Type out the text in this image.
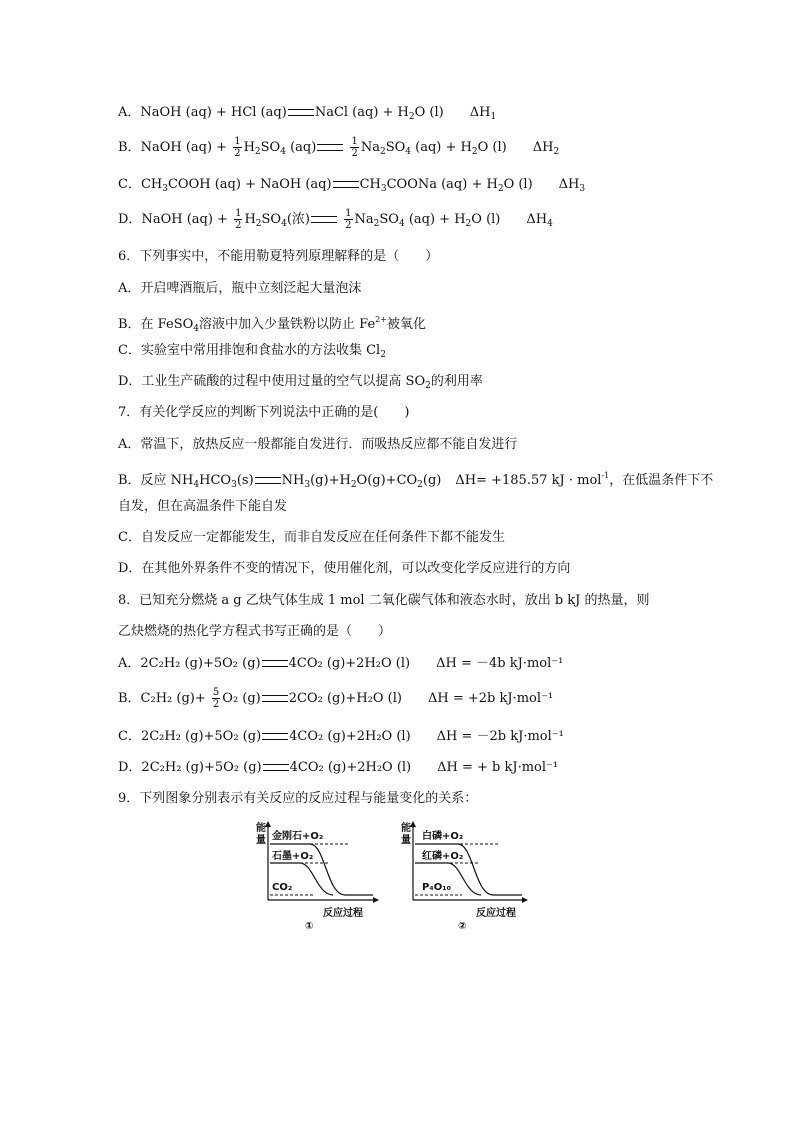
A．NaOH (aq) + HCl (aq) NaCl $(aq) + H_2O$ (l) $\Delta H_1$
B．NaOH $(aq) + \frac{1}{2} H_2SO_4$ (aq)	$\frac{1}{2} Na_2SO_4$ $(aq) + H_2O$ (l) $\Delta H_2$
C．$CH_3COOH$ (aq) + NaOH (aq) $CH_3COONa$ $(aq) + H_2O$ (l) $\Delta H_3$
D．NaOH $(aq) + \frac{1}{2} H_2SO_4$(浓)	$\frac{1}{2} Na_2SO_4$ $(aq) + H_2O$ (l) $\Delta H_4$
6．下列事实中，不能用勒夏特列原理解释的是（　　）
A．开启啤酒瓶后，瓶中立刻泛起大量泡沫
B．在 FeSO$_4$溶液中加入少量铁粉以防止 $Fe^{2+}$被氧化
C．实验室中常用排饱和食盐水的方法收集 $Cl_2$
D．工业生产硫酸的过程中使用过量的空气以提高 $SO_2$的利用率
7．有关化学反应的判断下列说法中正确的是(　　)
A．常温下，放热反应一般都能自发进行．而吸热反应都不能自发进行
B．反应 $NH_4HCO_3(s)$ $NH_3(g)+H_2O(g)+CO_2(g)$ ΔH= +185.57 kJ · mol$^{-1}$，在低温条件下不
自发，但在高温条件下能自发
C．自发反应一定都能发生，而非自发反应在任何条件下都不能发生
D．在其他外界条件不变的情况下，使用催化剂，可以改变化学反应进行的方向
8．已知充分燃烧 a g 乙炔气体生成 1 mol 二氧化碳气体和液态水时，放出 b kJ 的热量，则
乙炔燃烧的热化学方程式书写正确的是（　　）
A．2C₂H₂ (g)+5O₂ (g) 4CO₂ (g)+2H₂O (l) ΔH = －4b kJ·mol⁻¹
B．C₂H₂ $(g)+ \frac{5}{2} O_2$ (g) 2CO₂ (g)+H₂O (l) ΔH = +2b kJ·mol⁻¹
C．2C₂H₂ (g)+5O₂ (g) 4CO₂ (g)+2H₂O (l) ΔH = －2b kJ·mol⁻¹
D．2C₂H₂ (g)+5O₂ (g) 4CO₂ (g)+2H₂O (l) ΔH = + b kJ·mol⁻¹
9．下列图象分别表示有关反应的反应过程与能量变化的关系：
能
量 金刚石+O₂
石墨+O₂
CO₂
反应过程
①
能
量 白磷+O₂
红磷+O₂
P₄O₁₀
反应过程
②
